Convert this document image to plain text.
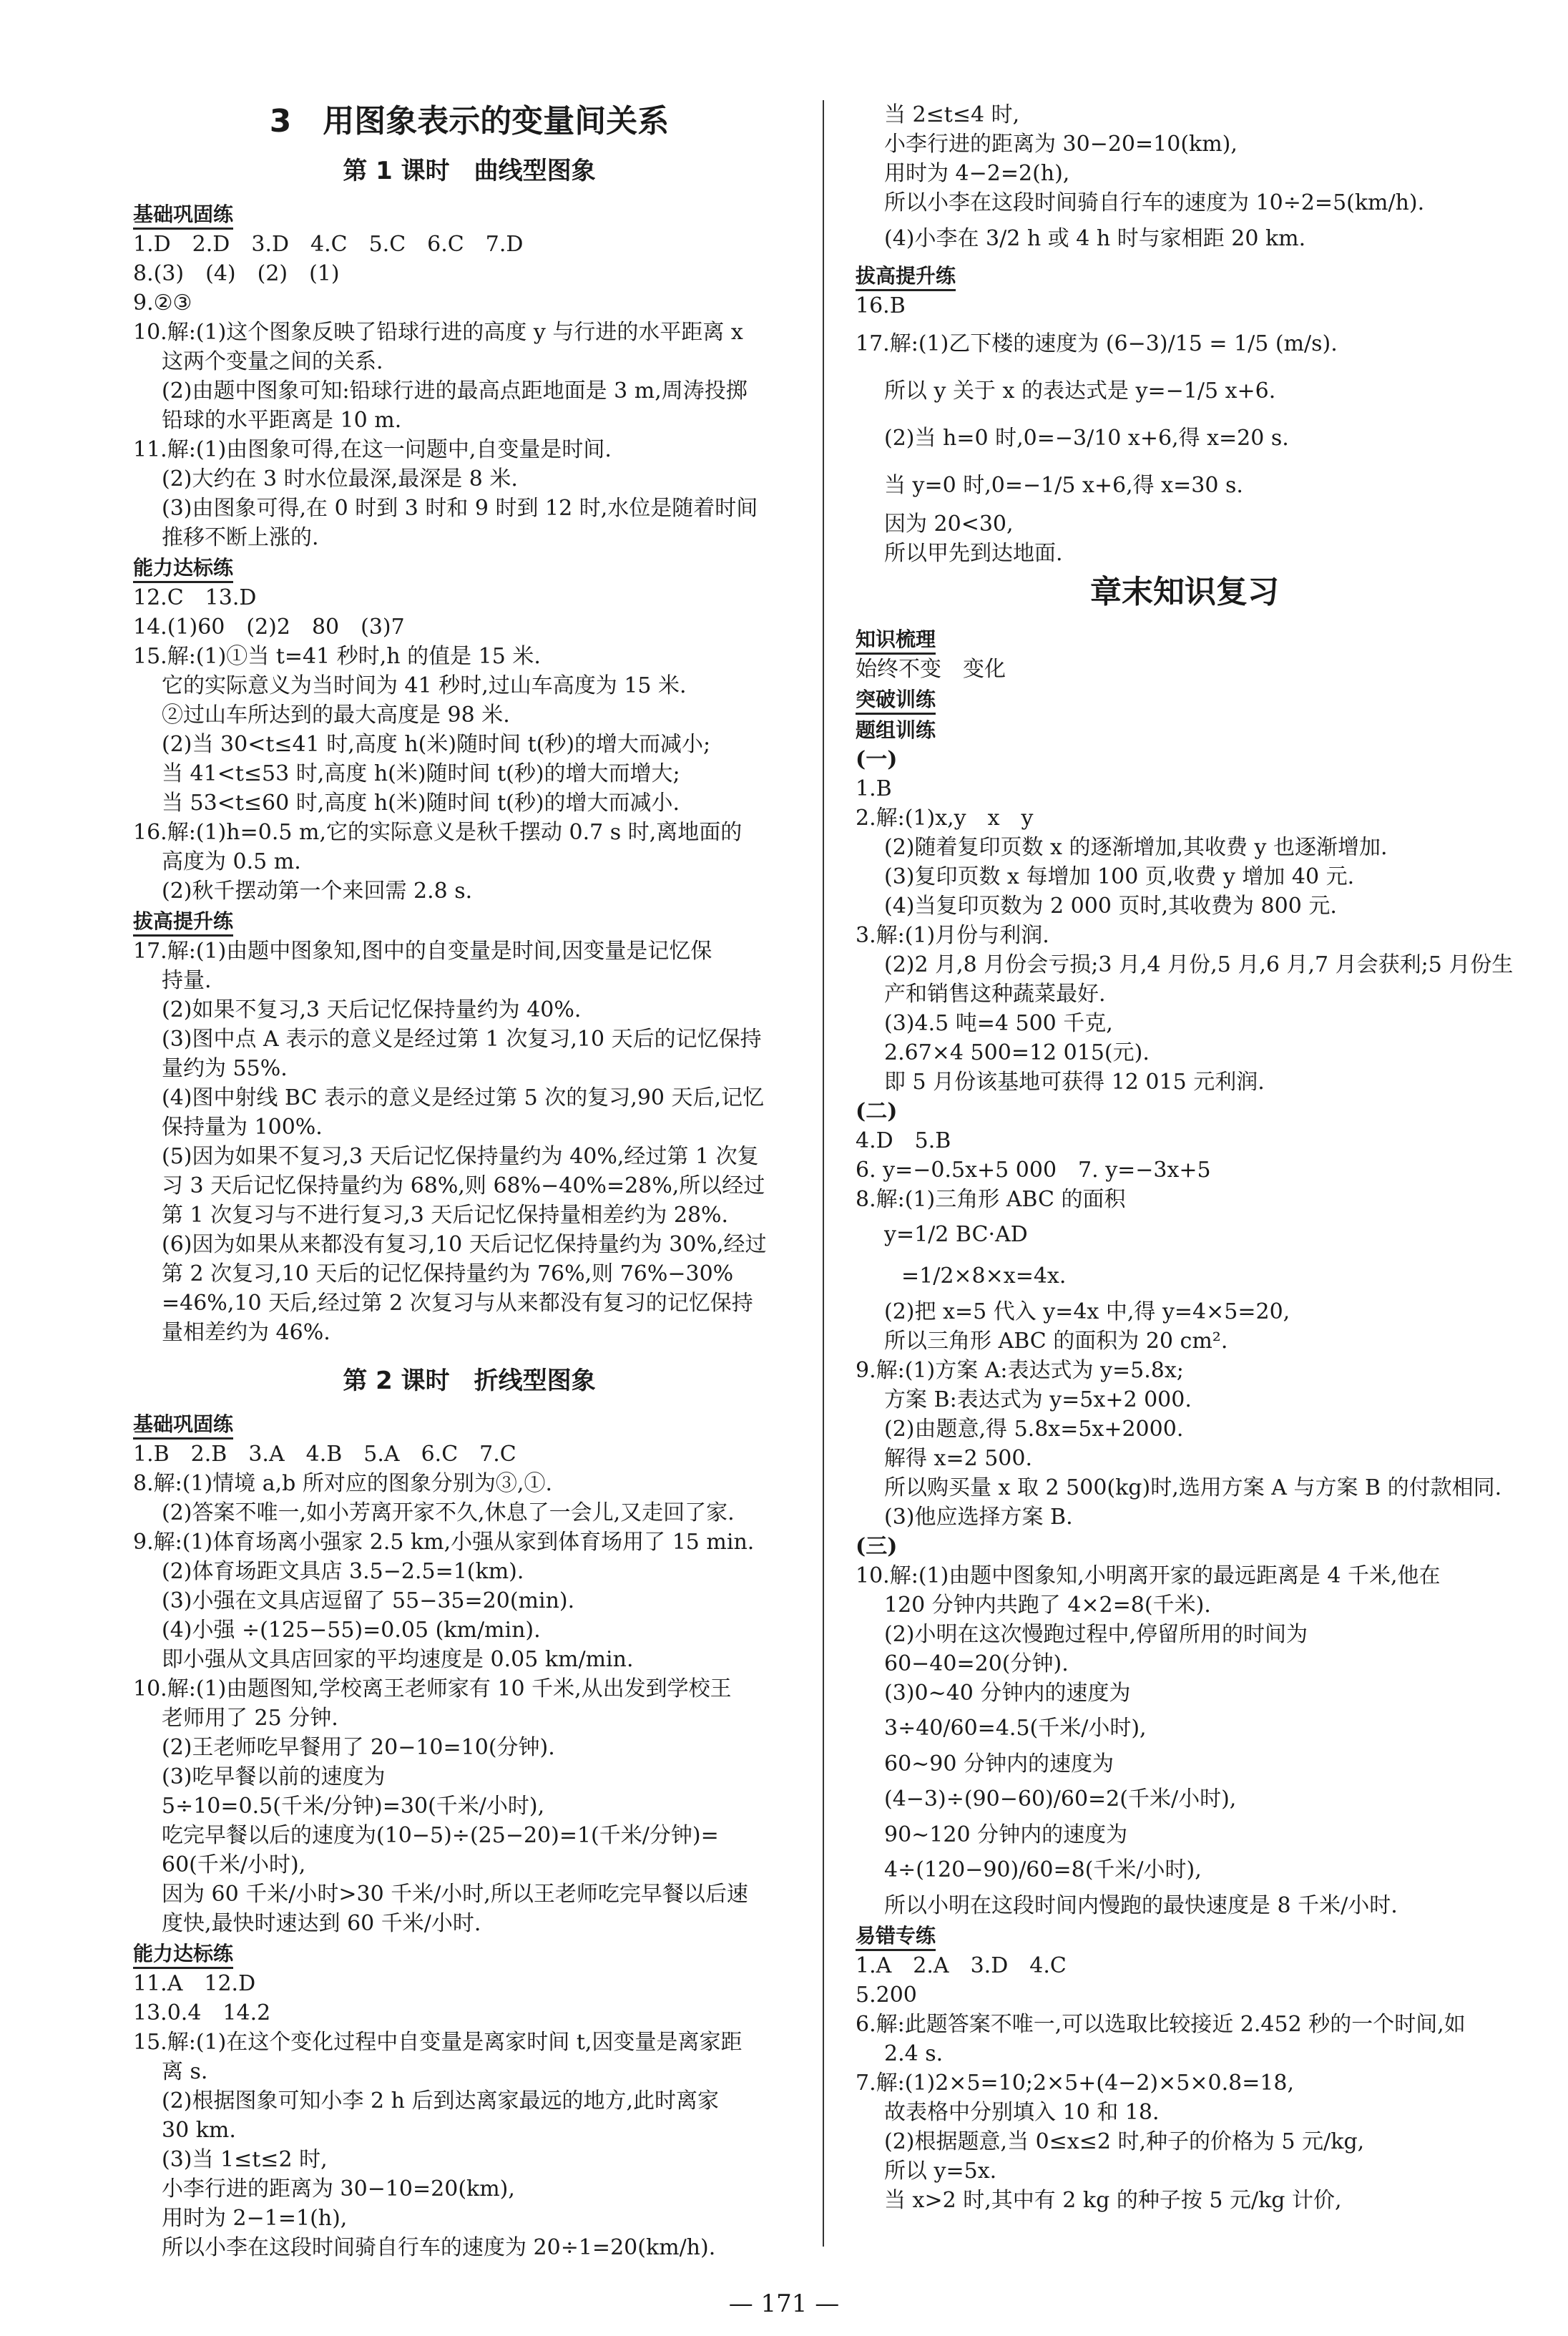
3　用图象表示的变量间关系
第 1 课时　曲线型图象
基础巩固练
1.D　2.D　3.D　4.C　5.C　6.C　7.D
8.(3)　(4)　(2)　(1)
9.②③
10.解:(1)这个图象反映了铅球行进的高度 y 与行进的水平距离 x
这两个变量之间的关系.
(2)由题中图象可知:铅球行进的最高点距地面是 3 m,周涛投掷
铅球的水平距离是 10 m.
11.解:(1)由图象可得,在这一问题中,自变量是时间.
(2)大约在 3 时水位最深,最深是 8 米.
(3)由图象可得,在 0 时到 3 时和 9 时到 12 时,水位是随着时间
推移不断上涨的.
能力达标练
12.C　13.D
14.(1)60　(2)2　80　(3)7
15.解:(1)①当 t=41 秒时,h 的值是 15 米.
它的实际意义为当时间为 41 秒时,过山车高度为 15 米.
②过山车所达到的最大高度是 98 米.
(2)当 30<t≤41 时,高度 h(米)随时间 t(秒)的增大而减小;
当 41<t≤53 时,高度 h(米)随时间 t(秒)的增大而增大;
当 53<t≤60 时,高度 h(米)随时间 t(秒)的增大而减小.
16.解:(1)h=0.5 m,它的实际意义是秋千摆动 0.7 s 时,离地面的
高度为 0.5 m.
(2)秋千摆动第一个来回需 2.8 s.
拔高提升练
17.解:(1)由题中图象知,图中的自变量是时间,因变量是记忆保
持量.
(2)如果不复习,3 天后记忆保持量约为 40%.
(3)图中点 A 表示的意义是经过第 1 次复习,10 天后的记忆保持
量约为 55%.
(4)图中射线 BC 表示的意义是经过第 5 次的复习,90 天后,记忆
保持量为 100%.
(5)因为如果不复习,3 天后记忆保持量约为 40%,经过第 1 次复
习 3 天后记忆保持量约为 68%,则 68%−40%=28%,所以经过
第 1 次复习与不进行复习,3 天后记忆保持量相差约为 28%.
(6)因为如果从来都没有复习,10 天后记忆保持量约为 30%,经过
第 2 次复习,10 天后的记忆保持量约为 76%,则 76%−30%
=46%,10 天后,经过第 2 次复习与从来都没有复习的记忆保持
量相差约为 46%.
第 2 课时　折线型图象
基础巩固练
1.B　2.B　3.A　4.B　5.A　6.C　7.C
8.解:(1)情境 a,b 所对应的图象分别为③,①.
(2)答案不唯一,如小芳离开家不久,休息了一会儿,又走回了家.
9.解:(1)体育场离小强家 2.5 km,小强从家到体育场用了 15 min.
(2)体育场距文具店 3.5−2.5=1(km).
(3)小强在文具店逗留了 55−35=20(min).
(4)小强 ÷(125−55)=0.05 (km/min).
即小强从文具店回家的平均速度是 0.05 km/min.
10.解:(1)由题图知,学校离王老师家有 10 千米,从出发到学校王
老师用了 25 分钟.
(2)王老师吃早餐用了 20−10=10(分钟).
(3)吃早餐以前的速度为
5÷10=0.5(千米/分钟)=30(千米/小时),
吃完早餐以后的速度为(10−5)÷(25−20)=1(千米/分钟)=
60(千米/小时),
因为 60 千米/小时>30 千米/小时,所以王老师吃完早餐以后速
度快,最快时速达到 60 千米/小时.
能力达标练
11.A　12.D
13.0.4　14.2
15.解:(1)在这个变化过程中自变量是离家时间 t,因变量是离家距
离 s.
(2)根据图象可知小李 2 h 后到达离家最远的地方,此时离家
30 km.
(3)当 1≤t≤2 时,
小李行进的距离为 30−10=20(km),
用时为 2−1=1(h),
所以小李在这段时间骑自行车的速度为 20÷1=20(km/h).
当 2≤t≤4 时,
小李行进的距离为 30−20=10(km),
用时为 4−2=2(h),
所以小李在这段时间骑自行车的速度为 10÷2=5(km/h).
(4)小李在 3/2 h 或 4 h 时与家相距 20 km.
拔高提升练
16.B
17.解:(1)乙下楼的速度为 (6−3)/15 = 1/5 (m/s).
所以 y 关于 x 的表达式是 y=−1/5 x+6.
(2)当 h=0 时,0=−3/10 x+6,得 x=20 s.
当 y=0 时,0=−1/5 x+6,得 x=30 s.
因为 20<30,
所以甲先到达地面.
章末知识复习
知识梳理
始终不变　变化
突破训练
题组训练
(一)
1.B
2.解:(1)x,y　x　y
(2)随着复印页数 x 的逐渐增加,其收费 y 也逐渐增加.
(3)复印页数 x 每增加 100 页,收费 y 增加 40 元.
(4)当复印页数为 2 000 页时,其收费为 800 元.
3.解:(1)月份与利润.
(2)2 月,8 月份会亏损;3 月,4 月份,5 月,6 月,7 月会获利;5 月份生
产和销售这种蔬菜最好.
(3)4.5 吨=4 500 千克,
2.67×4 500=12 015(元).
即 5 月份该基地可获得 12 015 元利润.
(二)
4.D　5.B
6. y=−0.5x+5 000　7. y=−3x+5
8.解:(1)三角形 ABC 的面积
y=1/2 BC·AD
=1/2×8×x=4x.
(2)把 x=5 代入 y=4x 中,得 y=4×5=20,
所以三角形 ABC 的面积为 20 cm².
9.解:(1)方案 A:表达式为 y=5.8x;
方案 B:表达式为 y=5x+2 000.
(2)由题意,得 5.8x=5x+2000.
解得 x=2 500.
所以购买量 x 取 2 500(kg)时,选用方案 A 与方案 B 的付款相同.
(3)他应选择方案 B.
(三)
10.解:(1)由题中图象知,小明离开家的最远距离是 4 千米,他在
120 分钟内共跑了 4×2=8(千米).
(2)小明在这次慢跑过程中,停留所用的时间为
60−40=20(分钟).
(3)0~40 分钟内的速度为
3÷40/60=4.5(千米/小时),
60~90 分钟内的速度为
(4−3)÷(90−60)/60=2(千米/小时),
90~120 分钟内的速度为
4÷(120−90)/60=8(千米/小时),
所以小明在这段时间内慢跑的最快速度是 8 千米/小时.
易错专练
1.A　2.A　3.D　4.C
5.200
6.解:此题答案不唯一,可以选取比较接近 2.452 秒的一个时间,如
2.4 s.
7.解:(1)2×5=10;2×5+(4−2)×5×0.8=18,
故表格中分别填入 10 和 18.
(2)根据题意,当 0≤x≤2 时,种子的价格为 5 元/kg,
所以 y=5x.
当 x>2 时,其中有 2 kg 的种子按 5 元/kg 计价,
— 171 —
